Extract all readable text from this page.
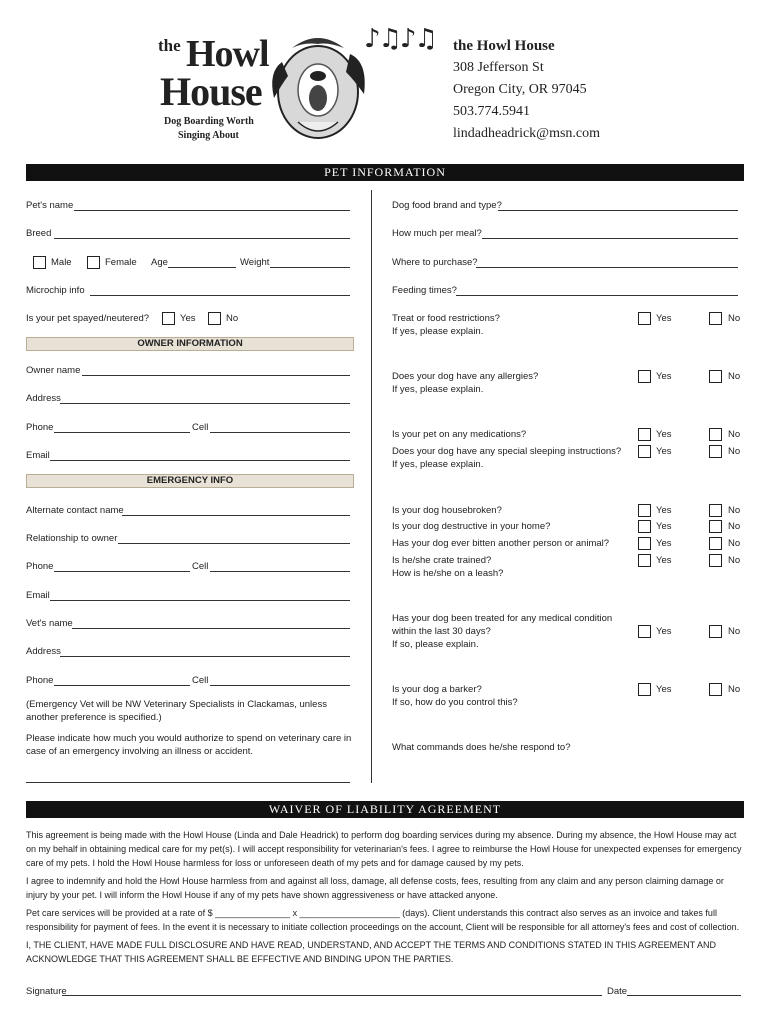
the Howl
House
Dog Boarding Worth
Singing About
♪♫♪♫ the Howl House
308 Jefferson St
Oregon City, OR 97045
503.774.5941
lindadheadrick@msn.com
PET INFORMATION
Pet's name
Breed
Male	Female Age	Weight
Microchip info
Is your pet spayed/neutered?	Yes	No
OWNER INFORMATION
Owner name
Address
Phone	Cell
Email
EMERGENCY INFO
Alternate contact name
Relationship to owner
Phone	Cell
Email
Vet's name
Address
Phone	Cell
(Emergency Vet will be NW Veterinary Specialists in Clackamas, unless another preference is specified.)
Please indicate how much you would authorize to spend on veterinary care in case of an emergency involving an illness or accident.
Dog food brand and type?
How much per meal?
Where to purchase?
Feeding times?
Treat or food restrictions?
If yes, please explain.
Yes	No
Does your dog have any allergies?
If yes, please explain.
Yes	No
Is your pet on any medications?	Yes	No
Does your dog have any special sleeping instructions?
If yes, please explain.
Yes	No
Is your dog housebroken?	Yes	No
Is your dog destructive in your home?	Yes	No
Has your dog ever bitten another person or animal?	Yes	No
Is he/she crate trained?
How is he/she on a leash?
Yes	No
Has your dog been treated for any medical condition
within the last 30 days?
If so, please explain.
Yes	No
Is your dog a barker?
If so, how do you control this?
Yes	No
What commands does he/she respond to?
WAIVER OF LIABILITY AGREEMENT
This agreement is being made with the Howl House (Linda and Dale Headrick) to perform dog boarding services during my absence. During my absence, the Howl House may act on my behalf in obtaining medical care for my pet(s). I will accept responsibility for veterinarian's fees. I agree to reimburse the Howl House for unexpected expenses for emergency care of my pets. I hold the Howl House harmless for loss or unforeseen death of my pets and for damage caused by my pets.
I agree to indemnify and hold the Howl House harmless from and against all loss, damage, all defense costs, fees, resulting from any claim and any person claiming damage or injury by your pet. I will inform the Howl House if any of my pets have shown aggressiveness or have attacked anyone.
Pet care services will be provided at a rate of $ _______________ x ____________________ (days). Client understands this contract also serves as an invoice and takes full responsibility for payment of fees. In the event it is necessary to initiate collection proceedings on the account, Client will be responsible for all attorney's fees and cost of collection.
I, THE CLIENT, HAVE MADE FULL DISCLOSURE AND HAVE READ, UNDERSTAND, AND ACCEPT THE TERMS AND CONDITIONS STATED IN THIS AGREEMENT AND ACKNOWLEDGE THAT THIS AGREEMENT SHALL BE EFFECTIVE AND BINDING UPON THE PARTIES.
Signature	Date
